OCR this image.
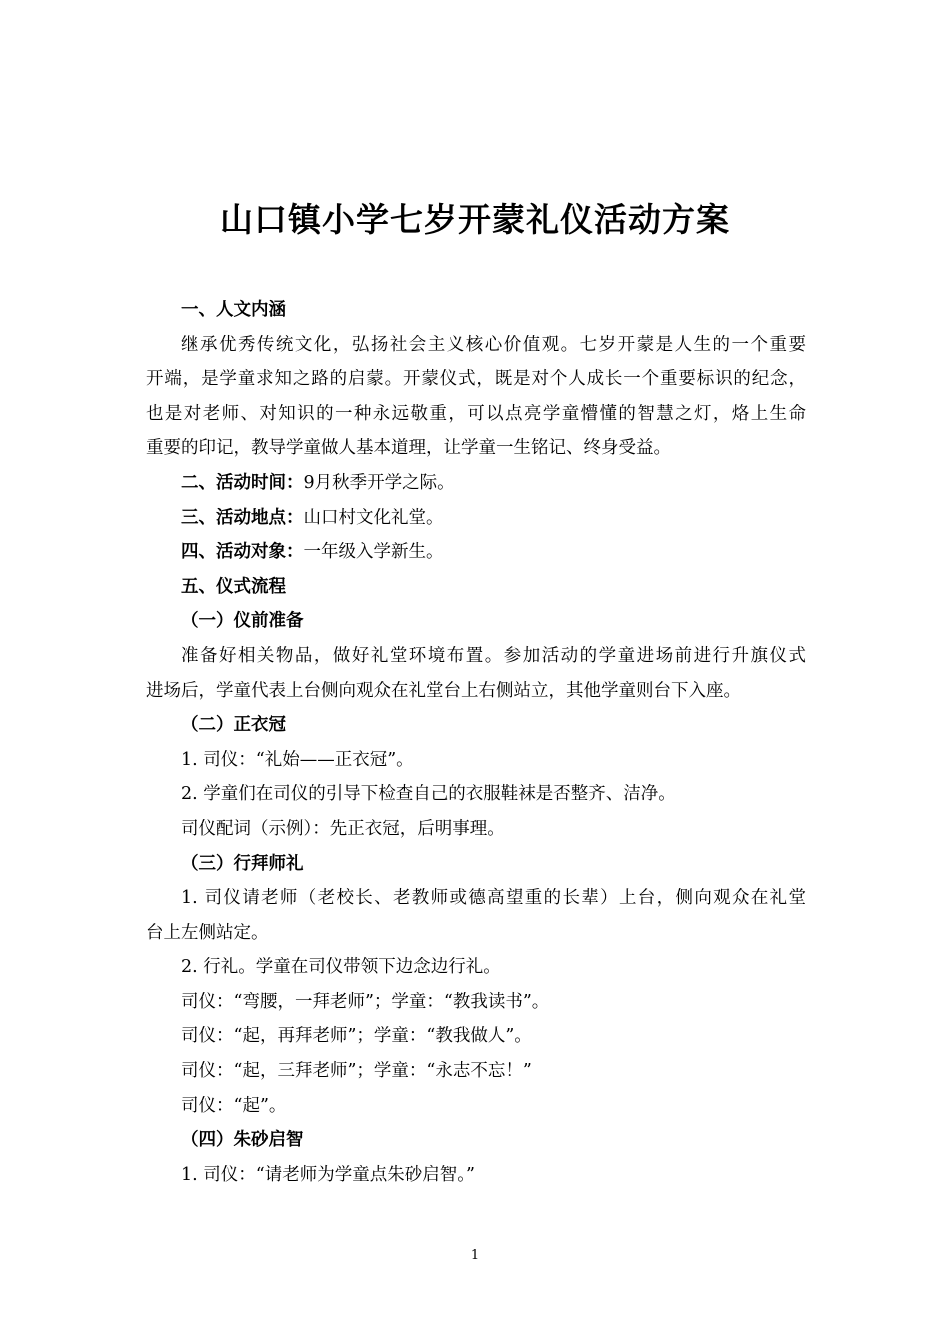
山口镇小学七岁开蒙礼仪活动方案
一、人文内涵
继承优秀传统文化，弘扬社会主义核心价值观。七岁开蒙是人生的一个重要
开端，是学童求知之路的启蒙。开蒙仪式，既是对个人成长一个重要标识的纪念，
也是对老师、对知识的一种永远敬重，可以点亮学童懵懂的智慧之灯，烙上生命
重要的印记，教导学童做人基本道理，让学童一生铭记、终身受益。
二、活动时间：9月秋季开学之际。
三、活动地点：山口村文化礼堂。
四、活动对象：一年级入学新生。
五、仪式流程
（一）仪前准备
准备好相关物品，做好礼堂环境布置。参加活动的学童进场前进行升旗仪式
进场后，学童代表上台侧向观众在礼堂台上右侧站立，其他学童则台下入座。
（二）正衣冠
1. 司仪：“礼始——正衣冠”。
2. 学童们在司仪的引导下检查自己的衣服鞋袜是否整齐、洁净。
司仪配词（示例）：先正衣冠，后明事理。
（三）行拜师礼
1. 司仪请老师（老校长、老教师或德高望重的长辈）上台，侧向观众在礼堂
台上左侧站定。
2. 行礼。学童在司仪带领下边念边行礼。
司仪：“弯腰，一拜老师”；学童：“教我读书”。
司仪：“起，再拜老师”；学童：“教我做人”。
司仪：“起，三拜老师”；学童：“永志不忘！”
司仪：“起”。
（四）朱砂启智
1. 司仪：“请老师为学童点朱砂启智。”
1
